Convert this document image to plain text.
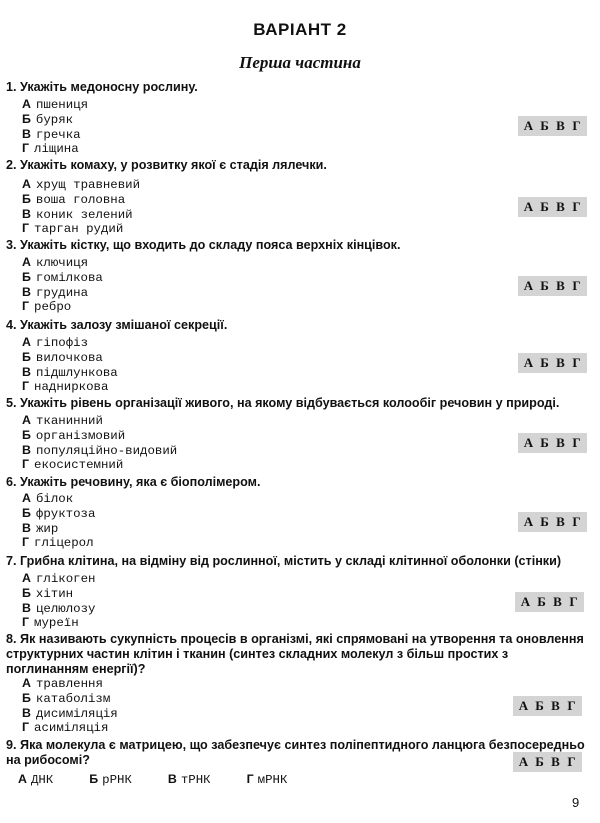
ВАРІАНТ 2
Перша частина
1. Укажіть медоносну рослину.
А пшениця
Б буряк
В гречка
Г ліщина
А Б В Г
2. Укажіть комаху, у розвитку якої є стадія лялечки.
А хрущ травневий
Б воша головна
В коник зелений
Г тарган рудий
А Б В Г
3. Укажіть кістку, що входить до складу пояса верхніх кінцівок.
А ключиця
Б гомілкова
В грудина
Г ребро
А Б В Г
4. Укажіть залозу змішаної секреції.
А гіпофіз
Б вилочкова
В підшлункова
Г надниркова
А Б В Г
5. Укажіть рівень організації живого, на якому відбувається колообіг речовин у природі.
А тканинний
Б організмовий
В популяційно-видовий
Г екосистемний
А Б В Г
6. Укажіть речовину, яка є біополімером.
А білок
Б фруктоза
В жир
Г гліцерол
А Б В Г
7. Грибна клітина, на відміну від рослинної, містить у складі клітинної оболонки (стінки)
А глікоген
Б хітин
В целюлозу
Г муреїн
А Б В Г
8. Як називають сукупність процесів в організмі, які спрямовані на утворення та оновлення структурних частин клітин і тканин (синтез складних молекул з більш простих з поглинанням енергії)?
А травлення
Б катаболізм
В дисиміляція
Г асиміляція
А Б В Г
9. Яка молекула є матрицею, що забезпечує синтез поліпептидного ланцюга безпосередньо на рибосомі?
А ДНК	Б рРНК	В тРНК	Г мРНК
А Б В Г
9
